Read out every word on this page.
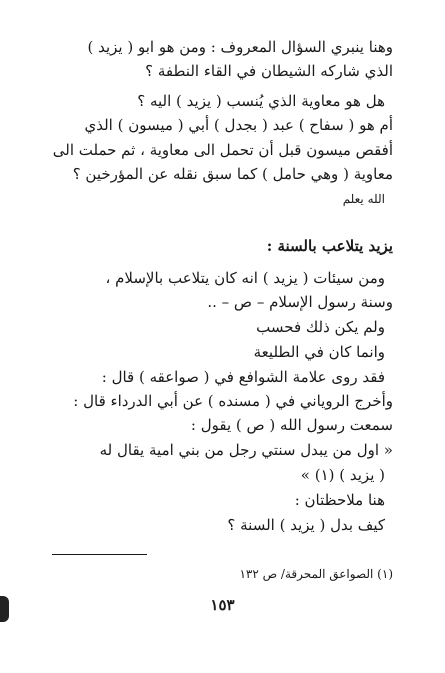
وهنا ينبري السؤال المعروف : ومن هو ابو ( يزيد )
الذي شاركه الشيطان في القاء النطفة ؟
هل هو معاوية الذي يُنسب ( يزيد ) اليه ؟
أم هو ( سفاح ) عبد ( بجدل ) أبي ( ميسون ) الذي
أفقص ميسون قبل أن تحمل الى معاوية ، ثم حملت الى
معاوية ( وهي حامل ) كما سبق نقله عن المؤرخين ؟
الله يعلم
يزيد يتلاعب بالسنة :
ومن سيئات ( يزيد ) انه كان يتلاعب بالإسلام ،
وسنة رسول الإسلام – ص – ..
ولم يكن ذلك فحسب
وانما كان في الطليعة
فقد روى علامة الشوافع في ( صواعقه ) قال :
وأخرج الروياني في ( مسنده ) عن أبي الدرداء قال :
سمعت رسول الله ( ص ) يقول :
« اول من يبدل سنتي رجل من بني امية يقال له
( يزيد ) (١) »
هنا ملاحظتان :
كيف بدل ( يزيد ) السنة ؟
(١) الصواعق المحرقة/ ص ١٣٢
١٥٣
